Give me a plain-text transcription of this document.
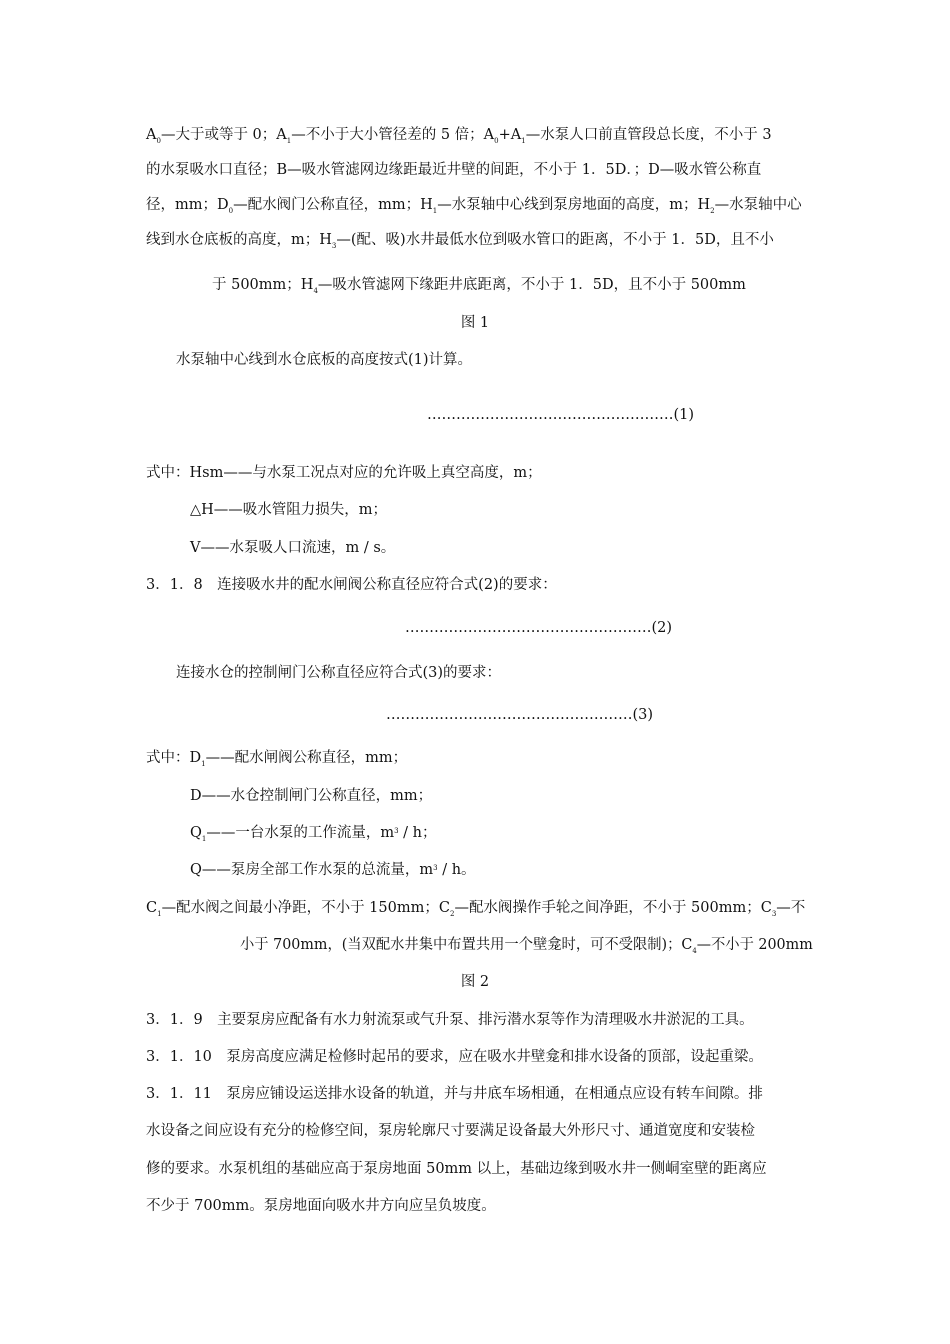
$A_0—$大于或等于 0；$A_1—$不小于大小管径差的 5 倍；$A_0+A_1—$水泵人口前直管段总长度，不小于 3
的水泵吸水口直径；B—吸水管滤网边缘距最近井壁的间距，不小于 1．5D．；D—吸水管公称直
径，mm；$D_0—$配水阀门公称直径，mm；$H_1—$水泵轴中心线到泵房地面的高度，m；$H_2—$水泵轴中心
线到水仓底板的高度，m；$H_3—$(配、吸)水井最低水位到吸水管口的距离，不小于 1．5D，且不小
于 500mm；$H_4—$吸水管滤网下缘距井底距离，不小于 1．5D，且不小于 500mm
图 1
水泵轴中心线到水仓底板的高度按式(1)计算。
……………………………………………(1)
式中：Hsm——与水泵工况点对应的允许吸上真空高度，m；
△H——吸水管阻力损失，m；
V——水泵吸人口流速，m / s。
3．1．8　连接吸水井的配水闸阀公称直径应符合式(2)的要求：
……………………………………………(2)
连接水仓的控制闸门公称直径应符合式(3)的要求：
……………………………………………(3)
式中：$D_1——$配水闸阀公称直径，mm；
D——水仓控制闸门公称直径，mm；
$Q_1——$一台水泵的工作流量，$m^3$ / h；
Q——泵房全部工作水泵的总流量，$m^3$ / h。
$C_1—$配水阀之间最小净距，不小于 150mm；$C_2—$配水阀操作手轮之间净距，不小于 500mm；$C_3—$不
小于 700mm，(当双配水井集中布置共用一个壁龛时，可不受限制)；$C_4—$不小于 200mm
图 2
3．1．9　主要泵房应配备有水力射流泵或气升泵、排污潜水泵等作为清理吸水井淤泥的工具。
3．1．10　泵房高度应满足检修时起吊的要求，应在吸水井壁龛和排水设备的顶部，设起重梁。
3．1．11　泵房应铺设运送排水设备的轨道，并与井底车场相通，在相通点应设有转车间隙。排
水设备之间应设有充分的检修空间，泵房轮廓尺寸要满足设备最大外形尺寸、通道宽度和安装检
修的要求。水泵机组的基础应高于泵房地面 50mm 以上，基础边缘到吸水井一侧峒室壁的距离应
不少于 700mm。泵房地面向吸水井方向应呈负坡度。
